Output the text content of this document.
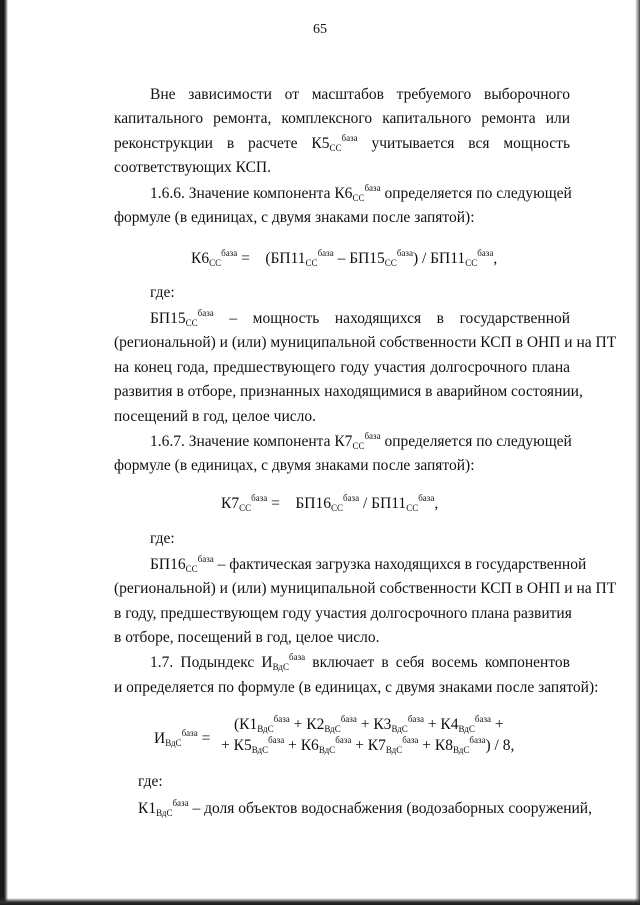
65
Вне зависимости от масштабов требуемого выборочного
капитального ремонта, комплексного капитального ремонта или
реконструкции в расчете $К5_{СС}^{база}$ учитывается вся мощность
соответствующих КСП.
1.6.6. Значение компонента $К6_{СС}^{база}$ определяется по следующей
формуле (в единицах, с двумя знаками после запятой):
$К6_{СС}^{база} = (БП11_{СС}^{база} - БП15_{СС}^{база}) / БП11_{СС}^{база}$,
где:
$БП15_{СС}^{база}$ – мощность находящихся в государственной
(региональной) и (или) муниципальной собственности КСП в ОНП и на ПТ
на конец года, предшествующего году участия долгосрочного плана
развития в отборе, признанных находящимися в аварийном состоянии,
посещений в год, целое число.
1.6.7. Значение компонента $К7_{СС}^{база}$ определяется по следующей
формуле (в единицах, с двумя знаками после запятой):
$К7_{СС}^{база} = БП16_{СС}^{база} / БП11_{СС}^{база}$,
где:
$БП16_{СС}^{база}$ – фактическая загрузка находящихся в государственной
(региональной) и (или) муниципальной собственности КСП в ОНП и на ПТ
в году, предшествующем году участия долгосрочного плана развития
в отборе, посещений в год, целое число.
1.7. Подындекс $И_{ВдС}^{база}$ включает в себя восемь компонентов
и определяется по формуле (в единицах, с двумя знаками после запятой):
$И_{ВдС}^{база}$ =
($К1_{ВдС}^{база} + К2_{ВдС}^{база} + К3_{ВдС}^{база} + К4_{ВдС}^{база}$ +
+ $К5_{ВдС}^{база} + К6_{ВдС}^{база} + К7_{ВдС}^{база} + К8_{ВдС}^{база}) / 8$,
где:
$К1_{ВдС}^{база}$ – доля объектов водоснабжения (водозаборных сооружений,
